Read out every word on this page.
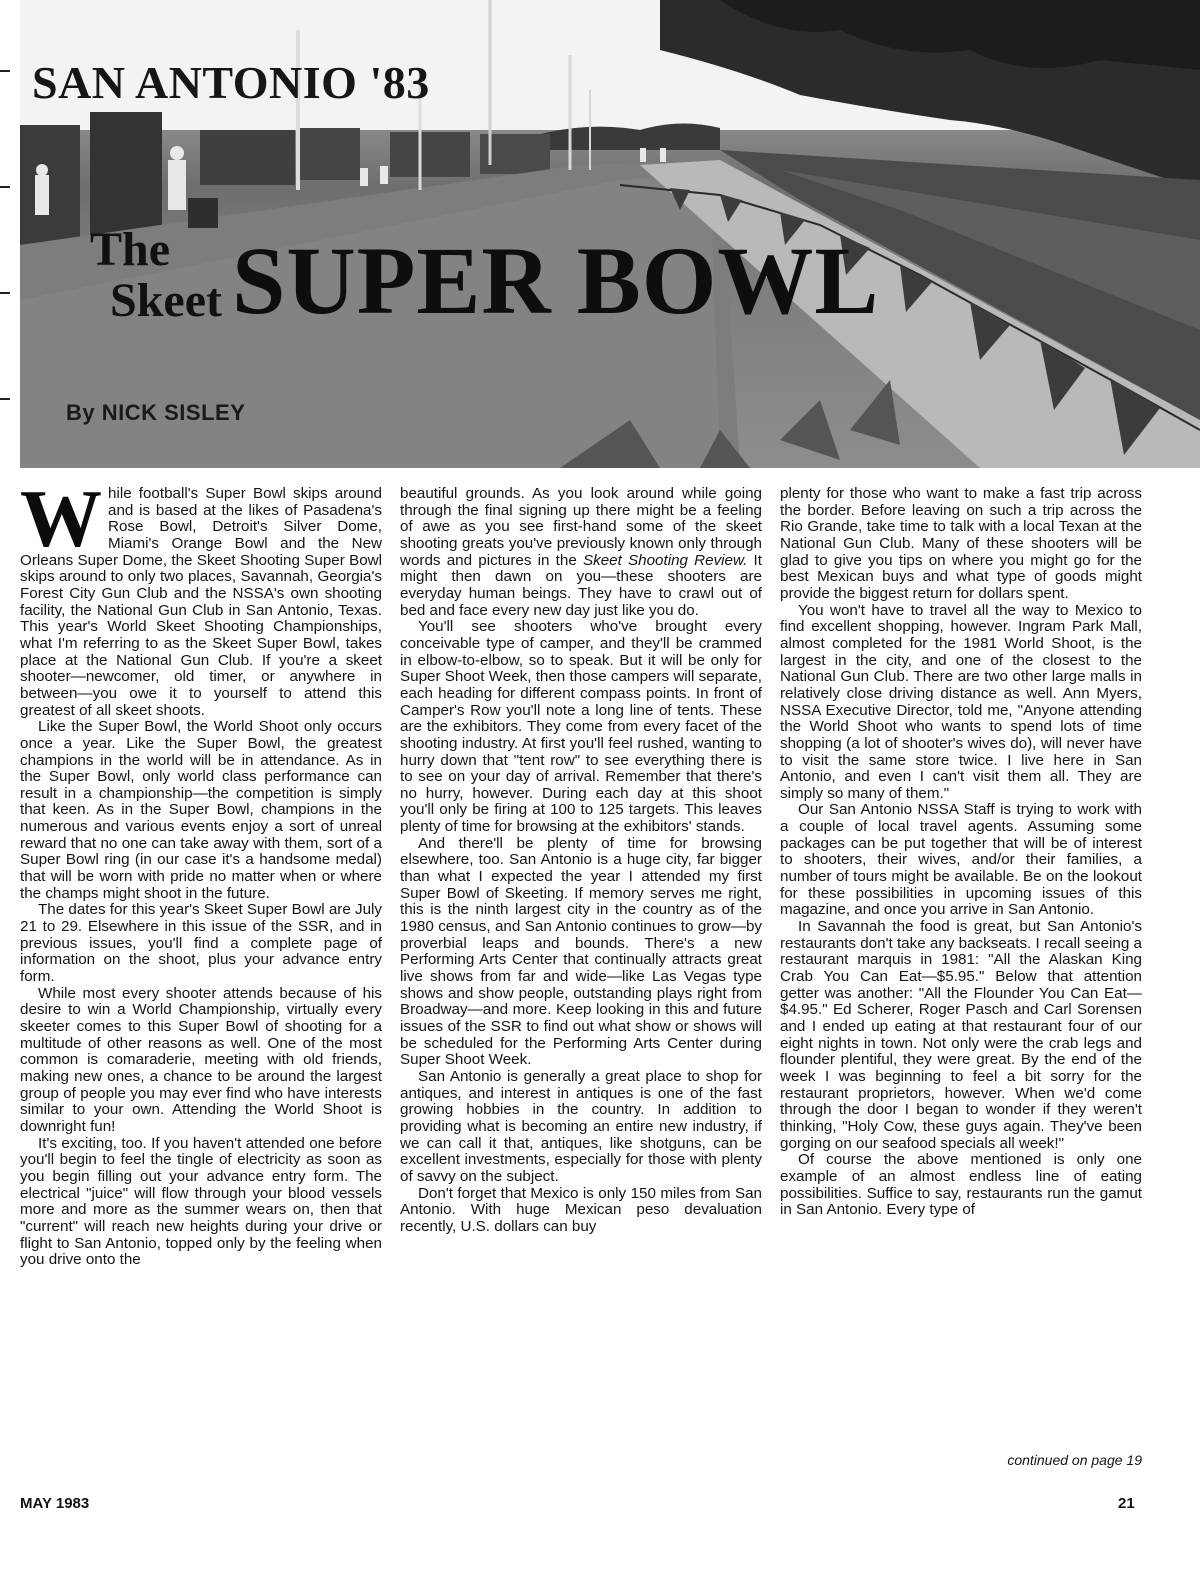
SAN ANTONIO '83
The
Skeet SUPER BOWL
By NICK SISLEY

While football's Super Bowl skips around and is based at the likes of Pasadena's Rose Bowl, Detroit's Silver Dome, Miami's Orange Bowl and the New Orleans Super Dome, the Skeet Shooting Super Bowl skips around to only two places, Savannah, Georgia's Forest City Gun Club and the NSSA's own shooting facility, the National Gun Club in San Antonio, Texas. This year's World Skeet Shooting Championships, what I'm referring to as the Skeet Super Bowl, takes place at the National Gun Club. If you're a skeet shooter—newcomer, old timer, or anywhere in between—you owe it to yourself to attend this greatest of all skeet shoots.

Like the Super Bowl, the World Shoot only occurs once a year. Like the Super Bowl, the greatest champions in the world will be in attendance. As in the Super Bowl, only world class performance can result in a championship—the competition is simply that keen. As in the Super Bowl, champions in the numerous and various events enjoy a sort of unreal reward that no one can take away with them, sort of a Super Bowl ring (in our case it's a handsome medal) that will be worn with pride no matter when or where the champs might shoot in the future.

The dates for this year's Skeet Super Bowl are July 21 to 29. Elsewhere in this issue of the SSR, and in previous issues, you'll find a complete page of information on the shoot, plus your advance entry form.

While most every shooter attends because of his desire to win a World Championship, virtually every skeeter comes to this Super Bowl of shooting for a multitude of other reasons as well. One of the most common is comaraderie, meeting with old friends, making new ones, a chance to be around the largest group of people you may ever find who have interests similar to your own. Attending the World Shoot is downright fun!

It's exciting, too. If you haven't attended one before you'll begin to feel the tingle of electricity as soon as you begin filling out your advance entry form. The electrical "juice" will flow through your blood vessels more and more as the summer wears on, then that "current" will reach new heights during your drive or flight to San Antonio, topped only by the feeling when you drive onto the

beautiful grounds. As you look around while going through the final signing up there might be a feeling of awe as you see first-hand some of the skeet shooting greats you've previously known only through words and pictures in the Skeet Shooting Review. It might then dawn on you—these shooters are everyday human beings. They have to crawl out of bed and face every new day just like you do.

You'll see shooters who've brought every conceivable type of camper, and they'll be crammed in elbow-to-elbow, so to speak. But it will be only for Super Shoot Week, then those campers will separate, each heading for different compass points. In front of Camper's Row you'll note a long line of tents. These are the exhibitors. They come from every facet of the shooting industry. At first you'll feel rushed, wanting to hurry down that "tent row" to see everything there is to see on your day of arrival. Remember that there's no hurry, however. During each day at this shoot you'll only be firing at 100 to 125 targets. This leaves plenty of time for browsing at the exhibitors' stands.

And there'll be plenty of time for browsing elsewhere, too. San Antonio is a huge city, far bigger than what I expected the year I attended my first Super Bowl of Skeeting. If memory serves me right, this is the ninth largest city in the country as of the 1980 census, and San Antonio continues to grow—by proverbial leaps and bounds. There's a new Performing Arts Center that continually attracts great live shows from far and wide—like Las Vegas type shows and show people, outstanding plays right from Broadway—and more. Keep looking in this and future issues of the SSR to find out what show or shows will be scheduled for the Performing Arts Center during Super Shoot Week.

San Antonio is generally a great place to shop for antiques, and interest in antiques is one of the fast growing hobbies in the country. In addition to providing what is becoming an entire new industry, if we can call it that, antiques, like shotguns, can be excellent investments, especially for those with plenty of savvy on the subject.

Don't forget that Mexico is only 150 miles from San Antonio. With huge Mexican peso devaluation recently, U.S. dollars can buy

plenty for those who want to make a fast trip across the border. Before leaving on such a trip across the Rio Grande, take time to talk with a local Texan at the National Gun Club. Many of these shooters will be glad to give you tips on where you might go for the best Mexican buys and what type of goods might provide the biggest return for dollars spent.

You won't have to travel all the way to Mexico to find excellent shopping, however. Ingram Park Mall, almost completed for the 1981 World Shoot, is the largest in the city, and one of the closest to the National Gun Club. There are two other large malls in relatively close driving distance as well. Ann Myers, NSSA Executive Director, told me, "Anyone attending the World Shoot who wants to spend lots of time shopping (a lot of shooter's wives do), will never have to visit the same store twice. I live here in San Antonio, and even I can't visit them all. They are simply so many of them."

Our San Antonio NSSA Staff is trying to work with a couple of local travel agents. Assuming some packages can be put together that will be of interest to shooters, their wives, and/or their families, a number of tours might be available. Be on the lookout for these possibilities in upcoming issues of this magazine, and once you arrive in San Antonio.

In Savannah the food is great, but San Antonio's restaurants don't take any backseats. I recall seeing a restaurant marquis in 1981: "All the Alaskan King Crab You Can Eat—$5.95." Below that attention getter was another: "All the Flounder You Can Eat—$4.95." Ed Scherer, Roger Pasch and Carl Sorensen and I ended up eating at that restaurant four of our eight nights in town. Not only were the crab legs and flounder plentiful, they were great. By the end of the week I was beginning to feel a bit sorry for the restaurant proprietors, however. When we'd come through the door I began to wonder if they weren't thinking, "Holy Cow, these guys again. They've been gorging on our seafood specials all week!"

Of course the above mentioned is only one example of an almost endless line of eating possibilities. Suffice to say, restaurants run the gamut in San Antonio. Every type of

continued on page 19
MAY 1983	21
